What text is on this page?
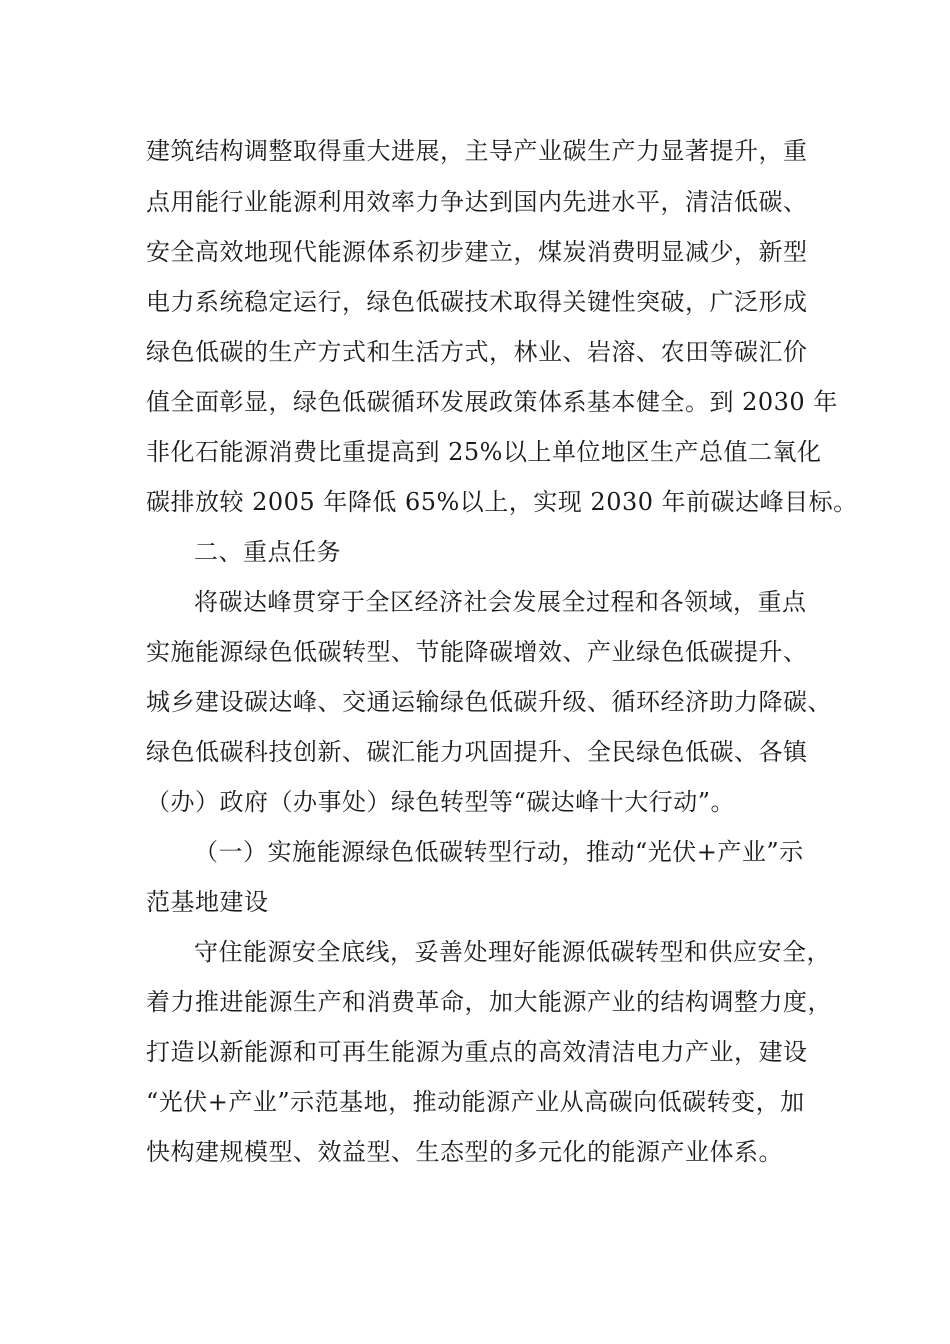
建筑结构调整取得重大进展，主导产业碳生产力显著提升，重
点用能行业能源利用效率力争达到国内先进水平，清洁低碳、
安全高效地现代能源体系初步建立，煤炭消费明显减少，新型
电力系统稳定运行，绿色低碳技术取得关键性突破，广泛形成
绿色低碳的生产方式和生活方式，林业、岩溶、农田等碳汇价
值全面彰显，绿色低碳循环发展政策体系基本健全。到 2030 年
非化石能源消费比重提高到 25%以上单位地区生产总值二氧化
碳排放较 2005 年降低 65%以上，实现 2030 年前碳达峰目标。
二、重点任务
将碳达峰贯穿于全区经济社会发展全过程和各领域，重点
实施能源绿色低碳转型、节能降碳增效、产业绿色低碳提升、
城乡建设碳达峰、交通运输绿色低碳升级、循环经济助力降碳、
绿色低碳科技创新、碳汇能力巩固提升、全民绿色低碳、各镇
（办）政府（办事处）绿色转型等“碳达峰十大行动”。
（一）实施能源绿色低碳转型行动，推动“光伏+产业”示
范基地建设
守住能源安全底线，妥善处理好能源低碳转型和供应安全，
着力推进能源生产和消费革命，加大能源产业的结构调整力度，
打造以新能源和可再生能源为重点的高效清洁电力产业，建设
“光伏+产业”示范基地，推动能源产业从高碳向低碳转变，加
快构建规模型、效益型、生态型的多元化的能源产业体系。
